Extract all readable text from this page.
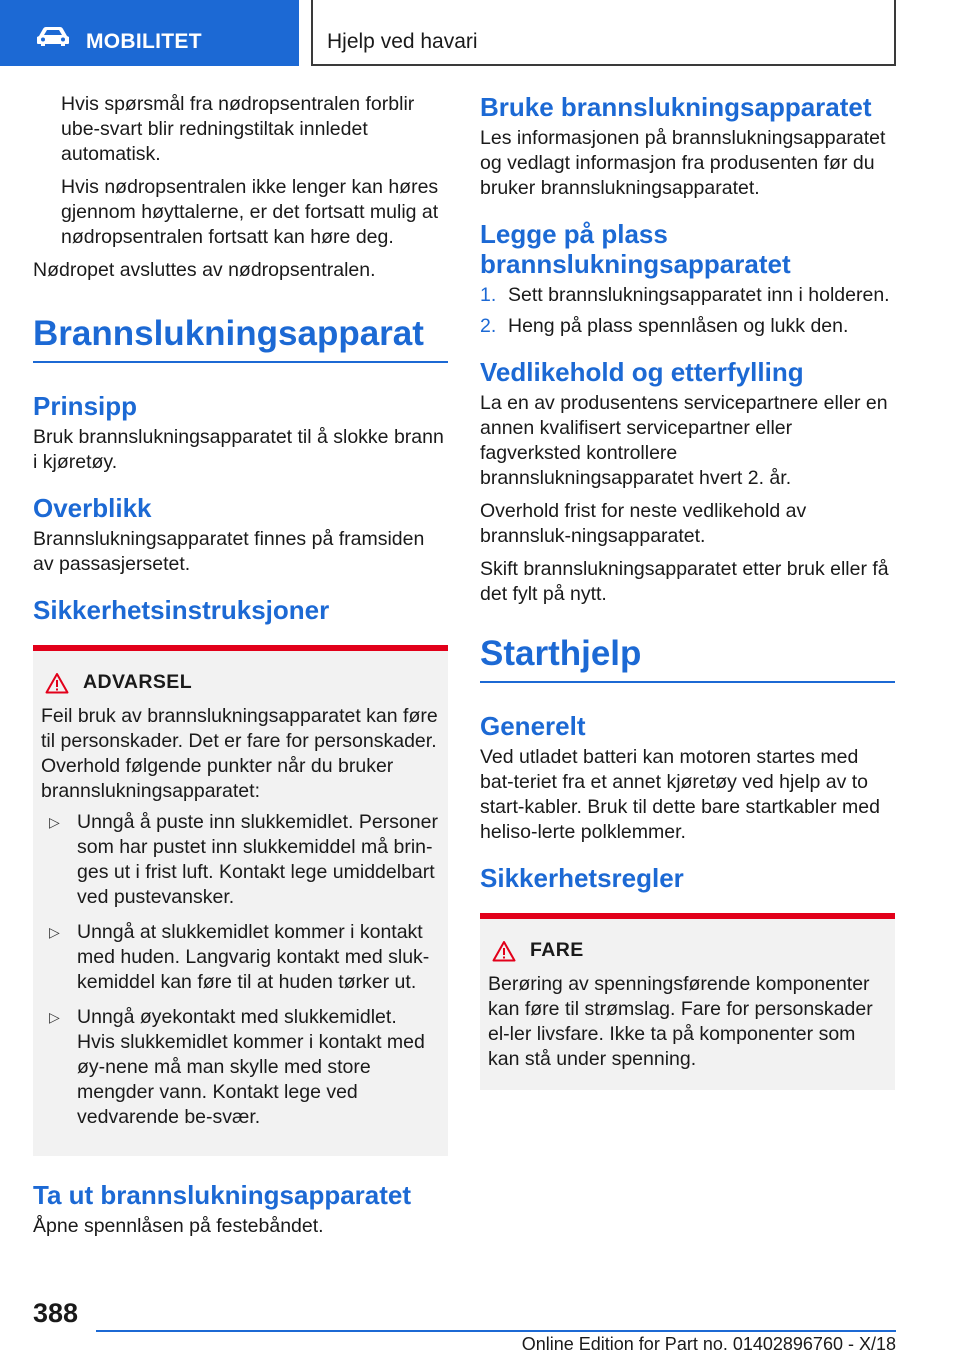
MOBILITET	Hjelp ved havari

Hvis spørsmål fra nødropsentralen forblir ube-svart blir redningstiltak innledet automatisk.

Hvis nødropsentralen ikke lenger kan høres gjennom høyttalerne, er det fortsatt mulig at nødropsentralen fortsatt kan høre deg.

Nødropet avsluttes av nødropsentralen.

Brannslukningsapparat
Prinsipp

Bruk brannslukningsapparatet til å slokke brann i kjøretøy.

Overblikk

Brannslukningsapparatet finnes på framsiden av passasjersetet.

Sikkerhetsinstruksjoner
ADVARSEL

Feil bruk av brannslukningsapparatet kan føre til personskader. Det er fare for personskader. Overhold følgende punkter når du bruker brannslukningsapparatet:

▷ Unngå å puste inn slukkemidlet. Personer som har pustet inn slukkemiddel må brin-ges ut i frist luft. Kontakt lege umiddelbart ved pustevansker.
▷ Unngå at slukkemidlet kommer i kontakt med huden. Langvarig kontakt med sluk-kemiddel kan føre til at huden tørker ut.
▷ Unngå øyekontakt med slukkemidlet. Hvis slukkemidlet kommer i kontakt med øy-nene må man skylle med store mengder vann. Kontakt lege ved vedvarende be-svær.
Ta ut brannslukningsapparatet

Åpne spennlåsen på festebåndet.

Bruke brannslukningsapparatet

Les informasjonen på brannslukningsapparatet og vedlagt informasjon fra produsenten før du bruker brannslukningsapparatet.

Legge på plass brannslukningsapparatet
1. Sett brannslukningsapparatet inn i holderen.
2. Heng på plass spennlåsen og lukk den.
Vedlikehold og etterfylling

La en av produsentens servicepartnere eller en annen kvalifisert servicepartner eller fagverksted kontrollere brannslukningsapparatet hvert 2. år.

Overhold frist for neste vedlikehold av brannsluk-ningsapparatet.

Skift brannslukningsapparatet etter bruk eller få det fylt på nytt.

Starthjelp
Generelt

Ved utladet batteri kan motoren startes med bat-teriet fra et annet kjøretøy ved hjelp av to start-kabler. Bruk til dette bare startkabler med heliso-lerte polklemmer.

Sikkerhetsregler
FARE

Berøring av spenningsførende komponenter kan føre til strømslag. Fare for personskader el-ler livsfare. Ikke ta på komponenter som kan stå under spenning.

388
Online Edition for Part no. 01402896760 - X/18
